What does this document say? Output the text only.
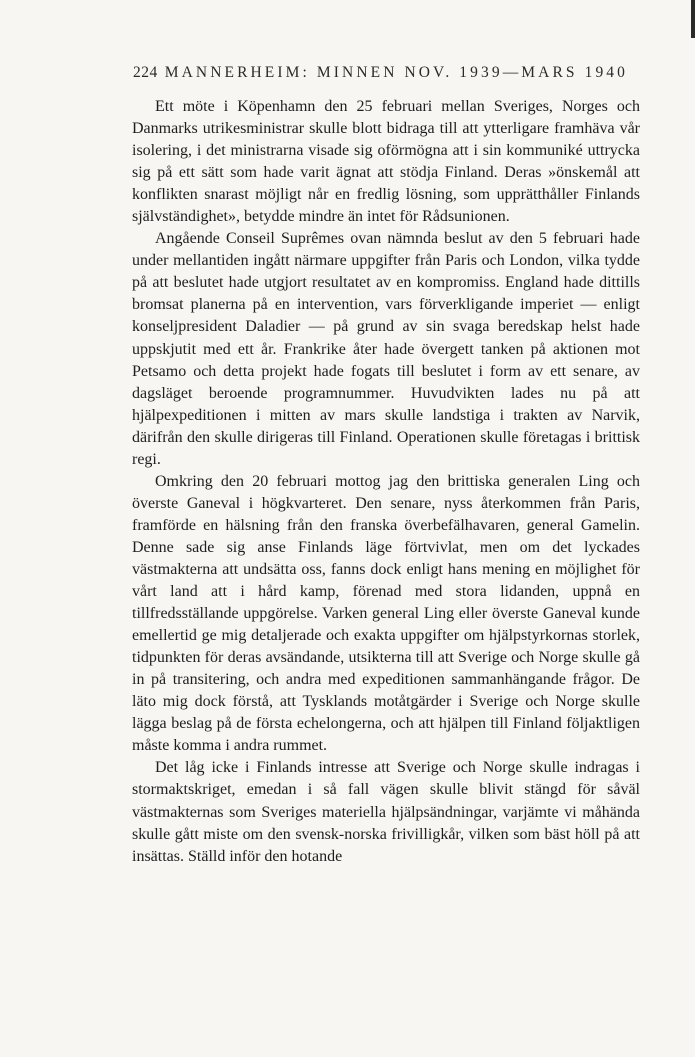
224 MANNERHEIM: MINNEN NOV. 1939—MARS 1940

Ett möte i Köpenhamn den 25 februari mellan Sveriges, Norges och Danmarks utrikesministrar skulle blott bidraga till att ytterligare framhäva vår isolering, i det ministrarna visade sig oförmögna att i sin kommuniké uttrycka sig på ett sätt som hade varit ägnat att stödja Finland. Deras »önskemål att konflikten snarast möjligt når en fredlig lösning, som upprätthåller Finlands självständighet», betydde mindre än intet för Rådsunionen.

Angående Conseil Suprêmes ovan nämnda beslut av den 5 februari hade under mellantiden ingått närmare uppgifter från Paris och London, vilka tydde på att beslutet hade utgjort resultatet av en kompromiss. England hade dittills bromsat planerna på en intervention, vars förverkligande imperiet — enligt konseljpresident Daladier — på grund av sin svaga beredskap helst hade uppskjutit med ett år. Frankrike åter hade övergett tanken på aktionen mot Petsamo och detta projekt hade fogats till beslutet i form av ett senare, av dagsläget beroende programnummer. Huvudvikten lades nu på att hjälpexpeditionen i mitten av mars skulle landstiga i trakten av Narvik, därifrån den skulle dirigeras till Finland. Operationen skulle företagas i brittisk regi.

Omkring den 20 februari mottog jag den brittiska generalen Ling och överste Ganeval i högkvarteret. Den senare, nyss återkommen från Paris, framförde en hälsning från den franska överbefälhavaren, general Gamelin. Denne sade sig anse Finlands läge förtvivlat, men om det lyckades västmakterna att undsätta oss, fanns dock enligt hans mening en möjlighet för vårt land att i hård kamp, förenad med stora lidanden, uppnå en tillfredsställande uppgörelse. Varken general Ling eller överste Ganeval kunde emellertid ge mig detaljerade och exakta uppgifter om hjälpstyrkornas storlek, tidpunkten för deras avsändande, utsikterna till att Sverige och Norge skulle gå in på transitering, och andra med expeditionen sammanhängande frågor. De läto mig dock förstå, att Tysklands motåtgärder i Sverige och Norge skulle lägga beslag på de första echelongerna, och att hjälpen till Finland följaktligen måste komma i andra rummet.

Det låg icke i Finlands intresse att Sverige och Norge skulle indragas i stormaktskriget, emedan i så fall vägen skulle blivit stängd för såväl västmakternas som Sveriges materiella hjälpsändningar, varjämte vi måhända skulle gått miste om den svensk-norska frivilligkår, vilken som bäst höll på att insättas. Ställd inför den hotande
